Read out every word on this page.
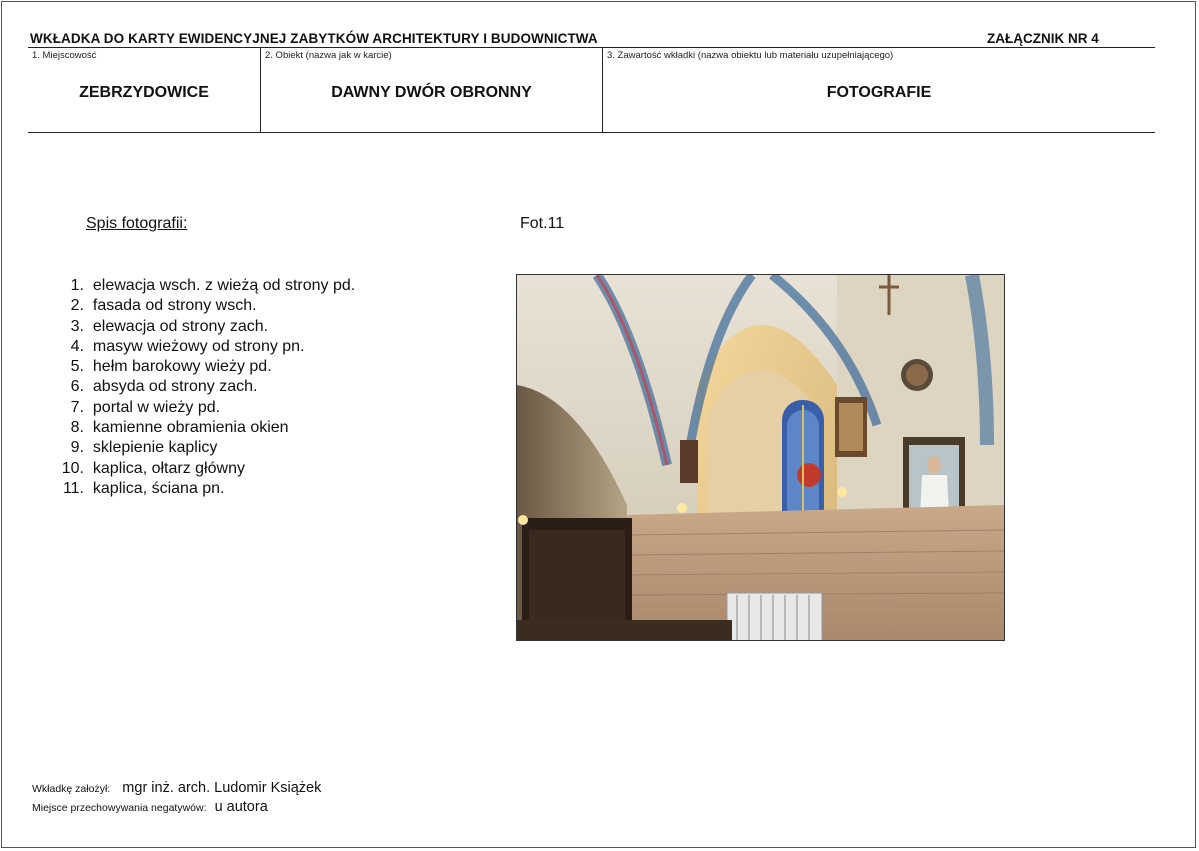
WKŁADKA DO KARTY EWIDENCYJNEJ ZABYTKÓW ARCHITEKTURY I BUDOWNICTWA	ZAŁĄCZNIK NR 4
1. Miejscowość
ZEBRZYDOWICE
2. Obiekt (nazwa jak w karcie)
DAWNY DWÓR OBRONNY
3. Zawartość wkładki (nazwa obiektu lub materiału uzupełniającego)
FOTOGRAFIE
Spis fotografii:
1.
elewacja wsch. z wieżą od strony pd.
2.
fasada od strony wsch.
3.
elewacja od strony zach.
4.
masyw wieżowy od strony pn.
5.
hełm barokowy wieży pd.
6.
absyda od strony zach.
7.
portal w wieży pd.
8.
kamienne obramienia okien
9.
sklepienie kaplicy
10.
kaplica, ołtarz główny
11.
kaplica, ściana pn.
Fot.11
Wkładkę założył: mgr inż. arch. Ludomir Książek
Miejsce przechowywania negatywów: u autora
